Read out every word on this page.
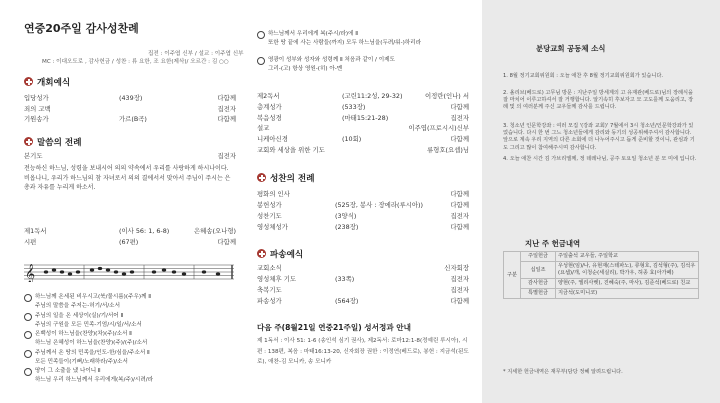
연중20주일 감사성찬례
집전 : 이주엽 신부 / 설교 : 이주엽 신부
MC : 이대오도로 , 감사헌금 / 성찬 : 류 요한, 조 요한(제삭)/ 오르간 : 김 ○○
개회예식
입당성가	(439장)	다함께
죄의 고백	집전자
기원송가	가르(B곡)	다함께
말씀의 전례
본기도	집전자
전능하신 하느님, 성령을 보내시어 의의 약속에서 우리를 사랑하게 하시나이다. 비옵나니, 우리가 하느님의 참 자녀로서 의의 결에서서 맞아서 주님이 주시는 은총과 자유를 누리게 하소서.
제1독서	(이사 56: 1, 6-8)	은혜송(오나형)
시편	(67편)	다함께
𝄞
하느님께 온세된 비우시고(북/물시름)(주우)께 Ⅱ
주님의 말씀을 주저는-허기/서/소서
주님의 일을 온 세상이(실)/기/서어 Ⅱ
주님의 구원을 모든 민족-기엄/시/일/서/소서
온백성이 하느님을(찬양)(차)(주)/소서 Ⅱ
하느님 은혜성이 하느님을(찬양)(주)/(주)/소서
주님께서 온 땅의 민족을/인도-한/심을/주소서 Ⅱ
모든 민족들이(기뻐/노래하라/주)/소서
땅이 그 소출을 냈 나이니 Ⅱ
하느님 우리 하느님께서 우리에게(복/주)/시려/라
하느님께서 우리에게 복(주시/라)에 Ⅱ
또한 땅 끝에 사는 사람들(까지) 모두 하느님을(두려/워-)하리라
영광이 성부와 성자와 성령께 Ⅱ 처음과 같이 / 이제도
그리-(고) 항상 영원-(히) 아-멘
제2독서	(고린11:2성, 29-32)	이정란(인나) 서
층계성가	(533장)	다함께
복음성경	(마태15:21-28)	집전자
설교	이주엽(프로시시)신부
니케아신경	(10회)	다함께
교회와 세상을 위한 기도	류형호(요셉)님
성찬의 전례
평화의 인사	다함께
봉헌성가	(525장, 봉사 : 장에라(루시아))	다함께
성찬기도	(3양식)	집전자
영성체성가	(238장)	다함께
파송예식
교회소식	신자회장
영성체후 기도	(33쪽)	집전자
축복기도	집전자
파송성가	(564장)	다함께
다음 주(8월21일 연중21주일) 성서정과 안내
제 1독서 : 이사 51: 1-6 (송인석 심기 권사), 제2독서: 로마12:1-8(정예린 루시아), 시편 : 138편, 복음 : 마태16:13-20, 신자회장 권한 : 이정연(베드로), 봉헌 : 지금석(된도로), 애찬-김 모니카, 송 모니카
분당교회 공동체 소식
1. 8월 정기교회위원회 : 오늘 애찬 후 8월 정기교회위원회가 있습니다.
2. 올리브(베드로) 고무님 방문 : 지난주일 방세계의 고 유재관(베드로)님의 장례식을 잘 마치어 이루고하셔서 잘 거행합니다. 알기속히 후보자고 모 고도를께 도움리고, 장례 및 의 여러분께 주신 교우들께 감사를 드립니다.
3. 청소년 인문학강좌 : 여러 모집 '(강좌 교회)' 7월에서 3시 청소년/인문학강좌가 있었습니다. 다시 한 번 그느 청소년들에게 감리와 동기의 성공위해주셔서 감사합니다. 앞으로 계속 우리 지역의 다른 소회에 더 나누어주시고 돕게 준비할 것이니, 관심과 기도 그리고 많이 참여해주시며 감사합니다.
4. 오늘 애찬 시간 김 가브리엘께, 정 데레나님, 공주 토요일 청소년 분 모 미에 입니다.
지난 주 헌금내역
구분	주일헌금	주일출석 교우들, 주일학교
	십일조	우성현(임)/나, 유현재(스테파노), 류형호, 김석형(주), 김석우(요셉)/개, 이청순(세실리), 박가우, 허종 효(아가페)
	감사헌금	양현(주, 엘리사벳), 진혜숙(주, 마사), 김준석(베드로) 친교
	특별헌금	지금석(도미니코)
* 지세한 헌금내역은 재무부(담당 정혜 알려드립니다.
